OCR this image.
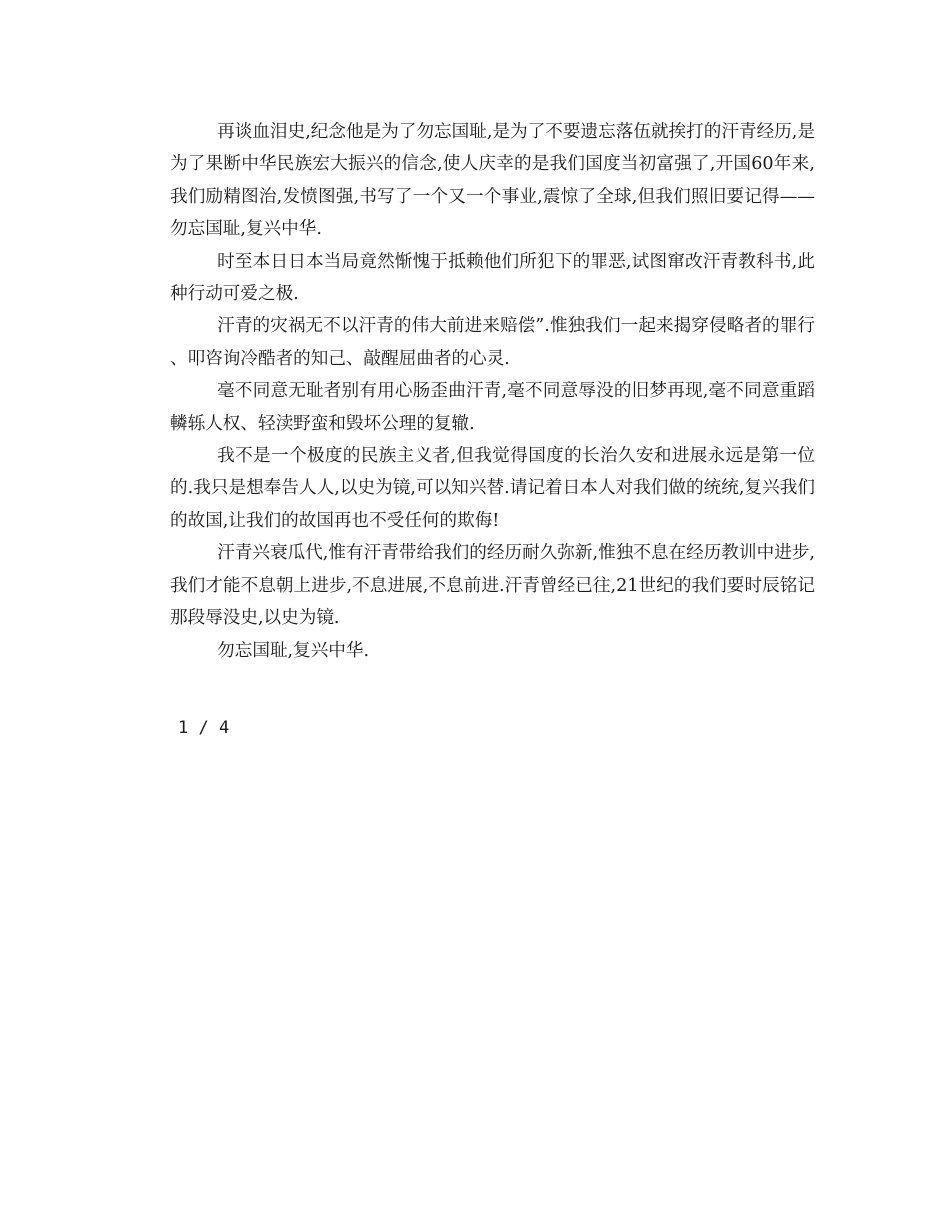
再谈血泪史,纪念他是为了勿忘国耻,是为了不要遗忘落伍就挨打的汗青经历,是为了果断中华民族宏大振兴的信念,使人庆幸的是我们国度当初富强了,开国60年来,我们励精图治,发愤图强,书写了一个又一个事业,震惊了全球,但我们照旧要记得——勿忘国耻,复兴中华.

时至本日日本当局竟然惭愧于抵赖他们所犯下的罪恶,试图窜改汗青教科书,此种行动可爱之极.

汗青的灾祸无不以汗青的伟大前进来赔偿”.惟独我们一起来揭穿侵略者的罪行、叩咨询冷酷者的知己、敲醒屈曲者的心灵.

毫不同意无耻者别有用心肠歪曲汗青,毫不同意辱没的旧梦再现,毫不同意重蹈轔轹人权、轻渎野蛮和毁坏公理的复辙.

我不是一个极度的民族主义者,但我觉得国度的长治久安和进展永远是第一位的.我只是想奉告人人,以史为镜,可以知兴替.请记着日本人对我们做的统统,复兴我们的故国,让我们的故国再也不受任何的欺侮!

汗青兴衰瓜代,惟有汗青带给我们的经历耐久弥新,惟独不息在经历教训中进步,我们才能不息朝上进步,不息进展,不息前进.汗青曾经已往,21世纪的我们要时辰铭记那段辱没史,以史为镜.

勿忘国耻,复兴中华.

1 / 4
